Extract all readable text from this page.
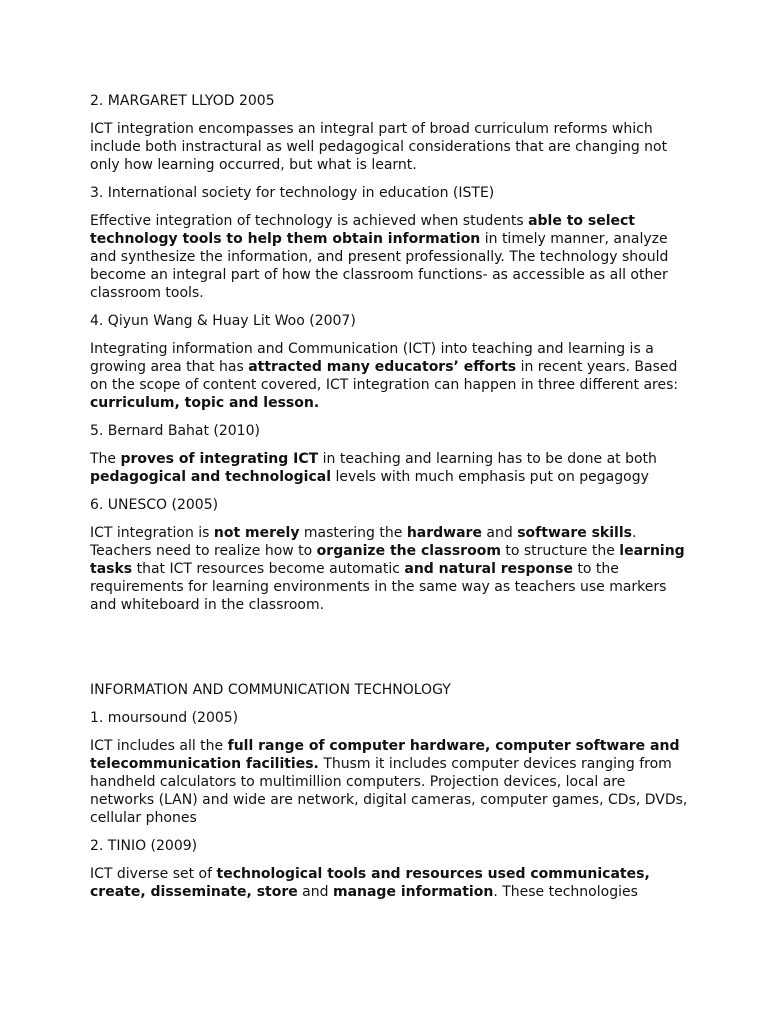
2. MARGARET LLYOD 2005

ICT integration encompasses an integral part of broad curriculum reforms which include both instractural as well pedagogical considerations that are changing not only how learning occurred, but what is learnt.

3. International society for technology in education (ISTE)

Effective integration of technology is achieved when students able to select technology tools to help them obtain information in timely manner, analyze and synthesize the information, and present professionally. The technology should become an integral part of how the classroom functions- as accessible as all other classroom tools.

4. Qiyun Wang & Huay Lit Woo (2007)

Integrating information and Communication (ICT) into teaching and learning is a growing area that has attracted many educators’ efforts in recent years. Based on the scope of content covered, ICT integration can happen in three different ares: curriculum, topic and lesson.

5. Bernard Bahat (2010)

The proves of integrating ICT in teaching and learning has to be done at both pedagogical and technological levels with much emphasis put on pegagogy

6. UNESCO (2005)

ICT integration is not merely mastering the hardware and software skills. Teachers need to realize how to organize the classroom to structure the learning tasks that ICT resources become automatic and natural response to the requirements for learning environments in the same way as teachers use markers and whiteboard in the classroom.

INFORMATION AND COMMUNICATION TECHNOLOGY

1. moursound (2005)

ICT includes all the full range of computer hardware, computer software and telecommunication facilities. Thusm it includes computer devices ranging from handheld calculators to multimillion computers. Projection devices, local are networks (LAN) and wide are network, digital cameras, computer games, CDs, DVDs, cellular phones

2. TINIO (2009)

ICT diverse set of technological tools and resources used communicates, create, disseminate, store and manage information. These technologies
